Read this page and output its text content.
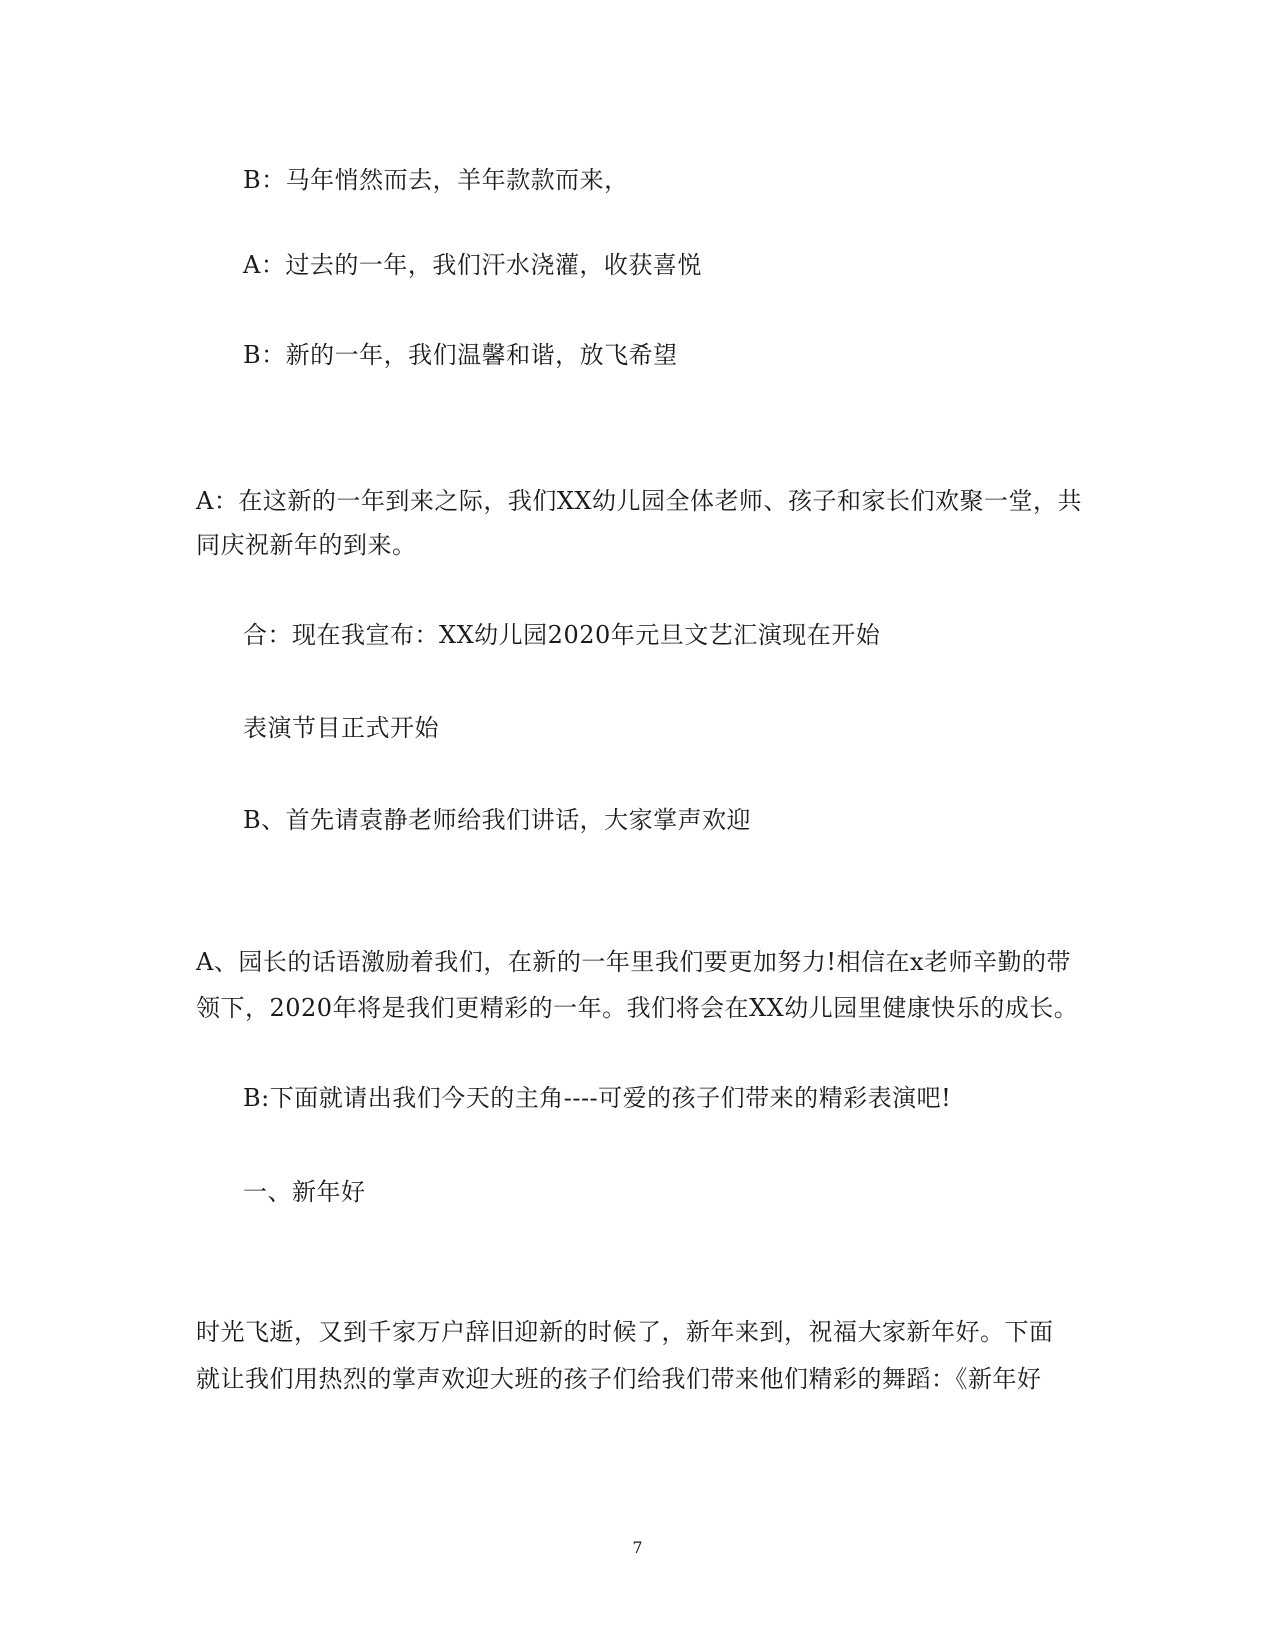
B：马年悄然而去，羊年款款而来，
A：过去的一年，我们汗水浇灌，收获喜悦
B：新的一年，我们温馨和谐，放飞希望
A：在这新的一年到来之际，我们XX幼儿园全体老师、孩子和家长们欢聚一堂，共
同庆祝新年的到来。
合：现在我宣布：XX幼儿园2020年元旦文艺汇演现在开始
表演节目正式开始
B、首先请袁静老师给我们讲话，大家掌声欢迎
A、园长的话语激励着我们，在新的一年里我们要更加努力!相信在x老师辛勤的带
领下，2020年将是我们更精彩的一年。我们将会在XX幼儿园里健康快乐的成长。
B:下面就请出我们今天的主角----可爱的孩子们带来的精彩表演吧!
一、新年好
时光飞逝，又到千家万户辞旧迎新的时候了，新年来到，祝福大家新年好。下面
就让我们用热烈的掌声欢迎大班的孩子们给我们带来他们精彩的舞蹈：《新年好
7
